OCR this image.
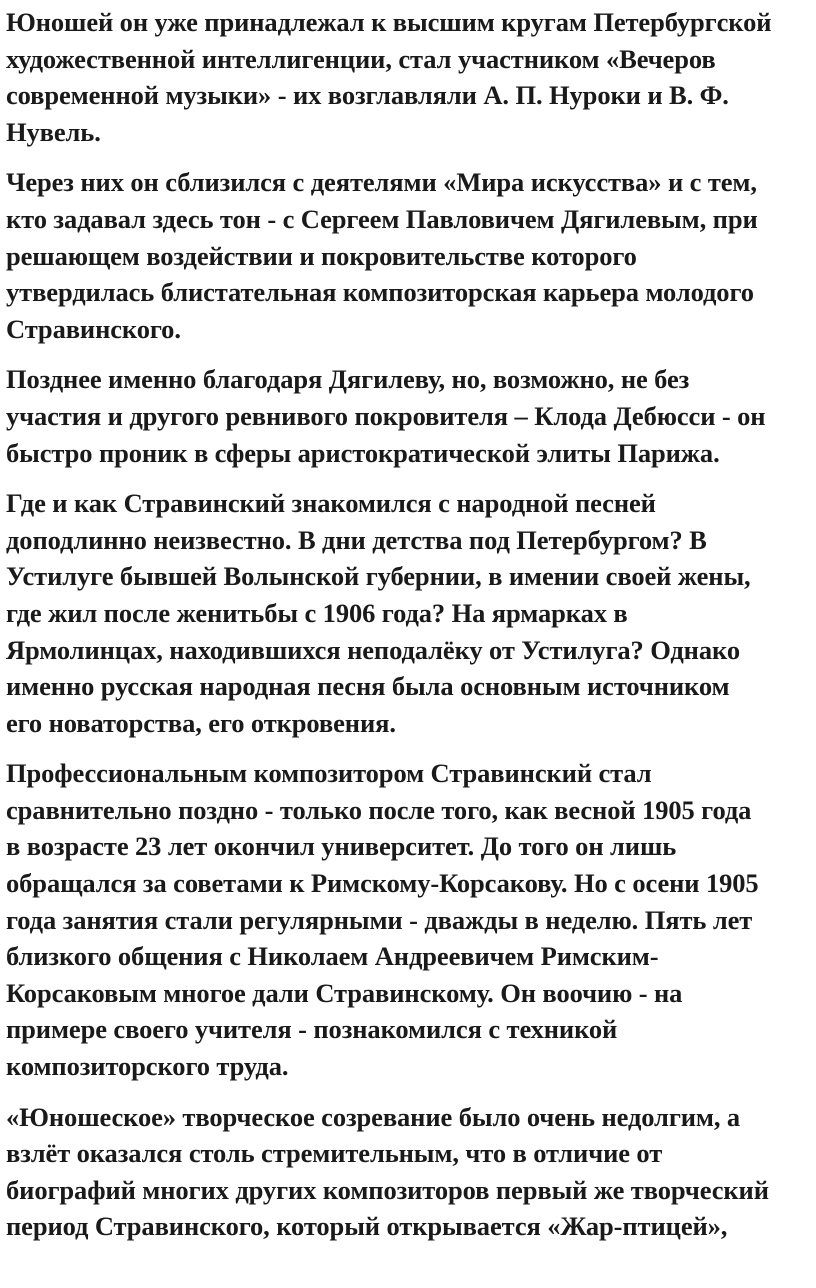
Юношей он уже принадлежал к высшим кругам Петербургской
художественной интеллигенции, стал участником «Вечеров
современной музыки» - их возглавляли А. П. Нуроки и В. Ф.
Нувель.

Через них он сблизился с деятелями «Мира искусства» и с тем,
кто задавал здесь тон - с Сергеем Павловичем Дягилевым, при
решающем воздействии и покровительстве которого
утвердилась блистательная композиторская карьера молодого
Стравинского.

Позднее именно благодаря Дягилеву, но, возможно, не без
участия и другого ревнивого покровителя – Клода Дебюсси - он
быстро проник в сферы аристократической элиты Парижа.

Где и как Стравинский знакомился с народной песней
доподлинно неизвестно. В дни детства под Петербургом? В
Устилуге бывшей Волынской губернии, в имении своей жены,
где жил после женитьбы с 1906 года? На ярмарках в
Ярмолинцах, находившихся неподалёку от Устилуга? Однако
именно русская народная песня была основным источником
его новаторства, его откровения.

Профессиональным композитором Стравинский стал
сравнительно поздно - только после того, как весной 1905 года
в возрасте 23 лет окончил университет. До того он лишь
обращался за советами к Римскому-Корсакову. Но с осени 1905
года занятия стали регулярными - дважды в неделю. Пять лет
близкого общения с Николаем Андреевичем Римским-
Корсаковым многое дали Стравинскому. Он воочию - на
примере своего учителя - познакомился с техникой
композиторского труда.

«Юношеское» творческое созревание было очень недолгим, а
взлёт оказался столь стремительным, что в отличие от
биографий многих других композиторов первый же творческий
период Стравинского, который открывается «Жар-птицей»,
